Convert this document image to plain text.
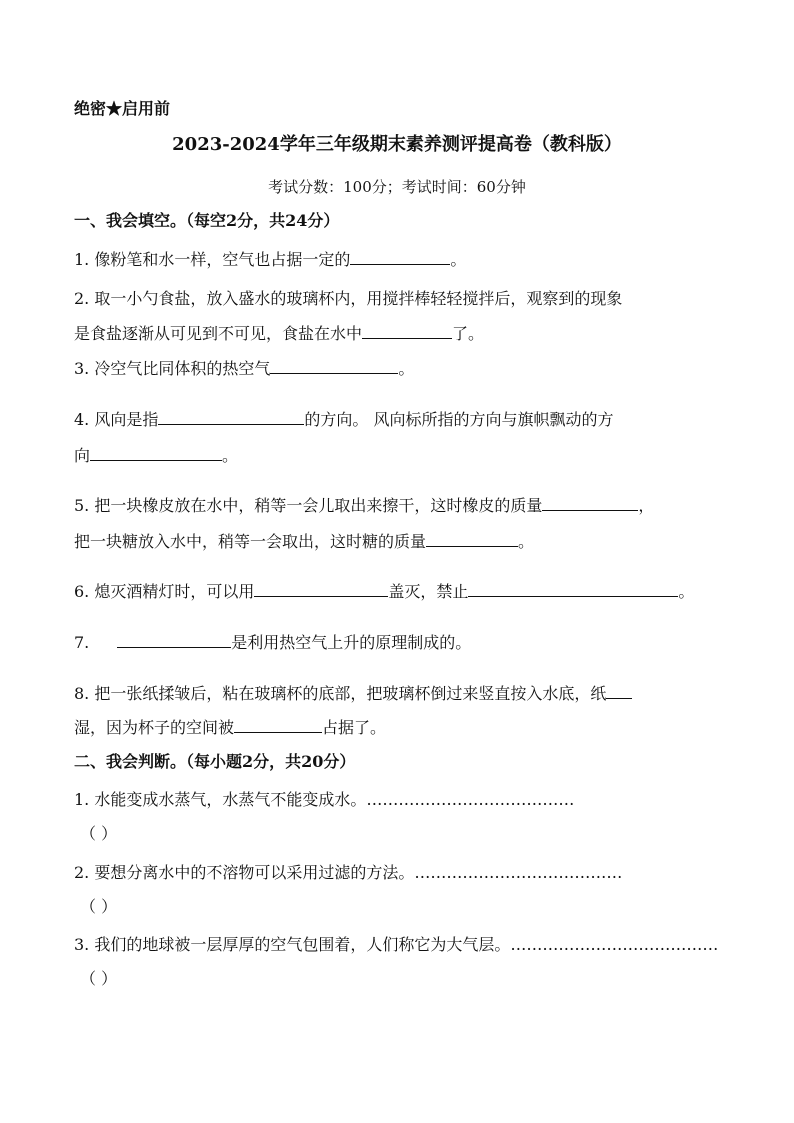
绝密★启用前
2023-2024学年三年级期末素养测评提高卷（教科版）
考试分数：100分；考试时间：60分钟
一、我会填空。（每空2分，共24分）
1. 像粉笔和水一样，空气也占据一定的	。
2. 取一小勺食盐，放入盛水的玻璃杯内，用搅拌棒轻轻搅拌后，观察到的现象
是食盐逐渐从可见到不可见，食盐在水中	了。
3. 冷空气比同体积的热空气	。
4. 风向是指	的方向。 风向标所指的方向与旗帜飘动的方
向	。
5. 把一块橡皮放在水中，稍等一会儿取出来擦干，这时橡皮的质量	，
把一块糖放入水中，稍等一会取出，这时糖的质量	。
6. 熄灭酒精灯时，可以用	盖灭，禁止	。
7.	是利用热空气上升的原理制成的。
8. 把一张纸揉皱后，粘在玻璃杯的底部，把玻璃杯倒过来竖直按入水底，纸
湿，因为杯子的空间被	占据了。
二、我会判断。（每小题2分，共20分）
1. 水能变成水蒸气，水蒸气不能变成水。…………………………………
（ ）
2. 要想分离水中的不溶物可以采用过滤的方法。…………………………………
（ ）
3. 我们的地球被一层厚厚的空气包围着，人们称它为大气层。…………………………………
（ ）
